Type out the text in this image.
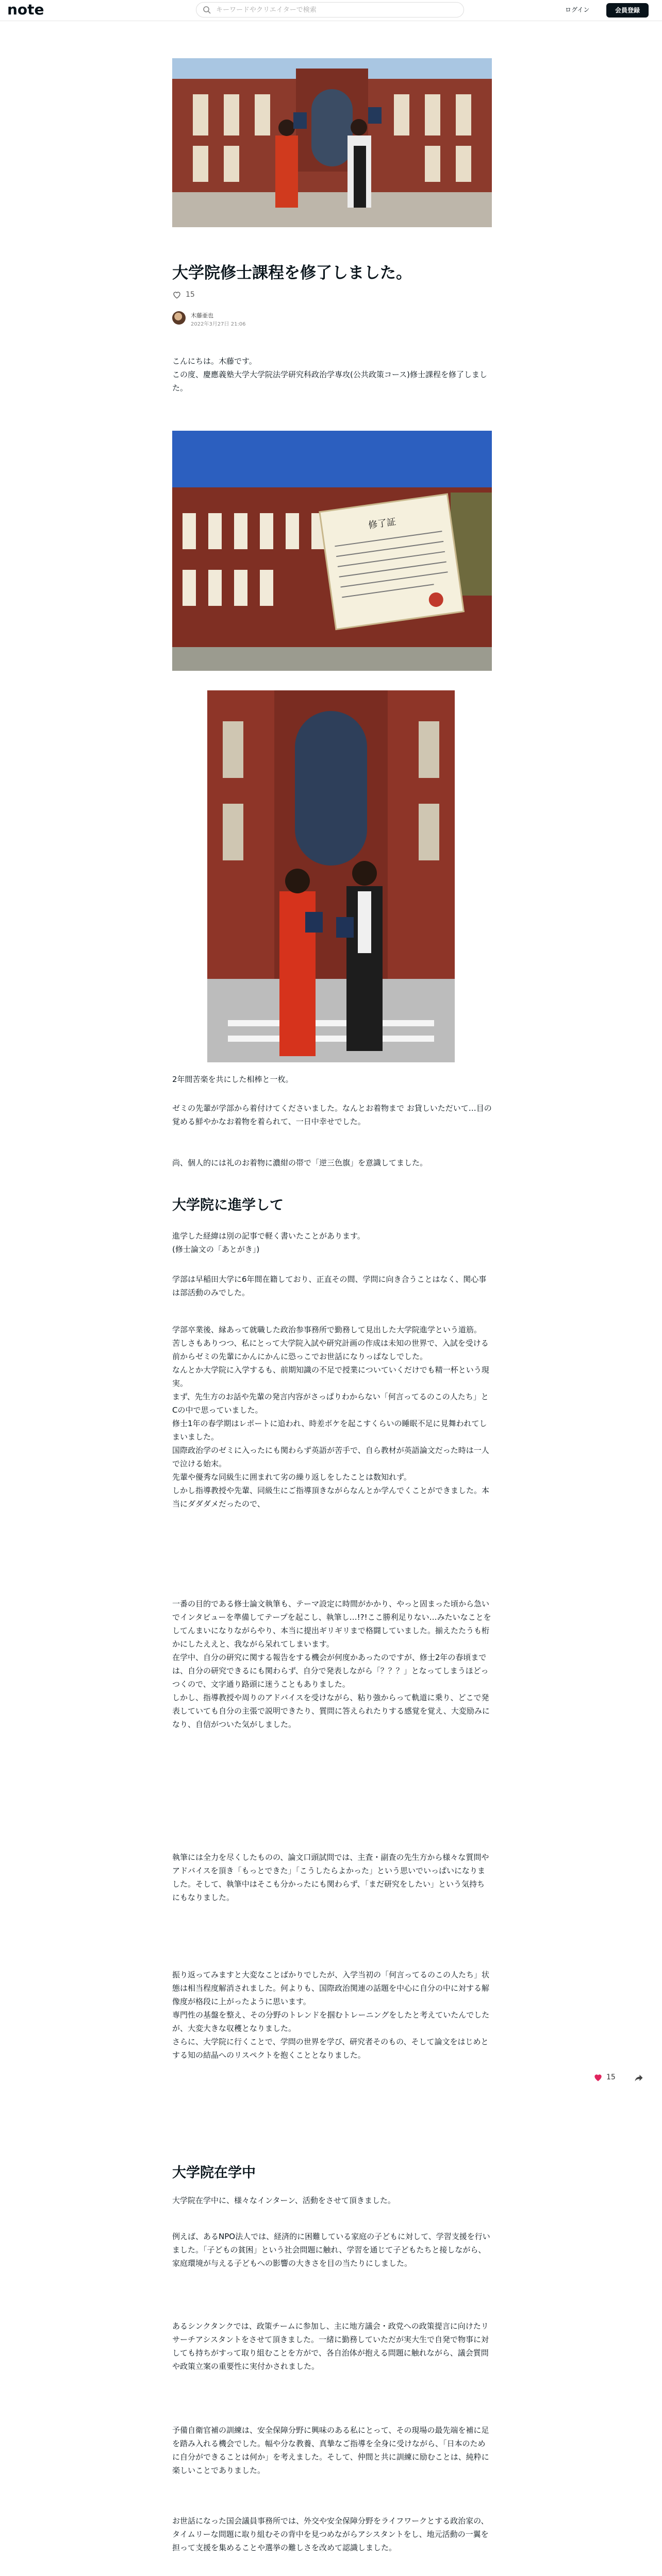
note
キーワードやクリエイターで検索	ログイン	会員登録
大学院修士課程を修了しました。
15
木藤亜也
2022年3月27日 21:06
こんにちは。木藤です。
この度、慶應義塾大学大学院法学研究科政治学専攻(公共政策コース)修士課程を修了しました。
修了証
2年間苦楽を共にした相棒と一枚。
ゼミの先輩が学部から着付けてくださいました。なんとお着物まで お貸しいただいて…目の覚める鮮やかなお着物を着られて、一日中幸せでした。
尚、個人的には礼のお着物に濃紺の帯で「逆三色旗」を意識してました。
大学院に進学して
進学した経緯は別の記事で軽く書いたことがあります。
(修士論文の「あとがき」)
学部は早稲田大学に6年間在籍しており、正直その間、学問に向き合うことはなく、関心事は部活動のみでした。
学部卒業後、縁あって就職した政治参事務所で勤務して見出した大学院進学という道筋。
苦しさもありつつ、私にとって大学院入試や研究計画の作成は未知の世界で、入試を受ける前からゼミの先輩にかんにかんに恐っこでお世話になりっぱなしでした。
なんとか大学院に入学するも、前期知識の不足で授業についていくだけでも精一杯という現実。
まず、先生方のお話や先輩の発言内容がさっぱりわからない「何言ってるのこの人たち」とCの中で思っていました。
修士1年の春学期はレポートに追われ、時差ボケを起こすくらいの睡眠不足に見舞われてしまいました。
国際政治学のゼミに入ったにも関わらず英語が苦手で、自ら教材が英語論文だった時は一人で泣ける始末。
先輩や優秀な同級生に囲まれて劣の繰り返しをしたことは数知れず。
しかし指導教授や先輩、同級生にご指導頂きながらなんとか学んでくことができました。本当にダダダメだったので、
一番の目的である修士論文執筆も、テーマ設定に時間がかかり、やっと固まった頃から急いでインタビューを準備してテープを起こし、執筆し…!?!ここ勝利足りない…みたいなことをしてんまいになりながらやり、本当に提出ギリギリまで格闘していました。揃えたたうも桁かにしたええと、我ながら呆れてしまいます。
在学中、自分の研究に関する報告をする機会が何度かあったのですが、修士2年の春頃までは、自分の研究できるにも関わらず、自分で発表しながら「？？？」となってしまうほどっつくので、文字通り路頭に迷うこともありました。
しかし、指導教授や周りのアドバイスを受けながら、粘り強からって軌道に乗り、どこで発表していても自分の主張で説明できたり、質問に答えられたりする感覚を覚え、大変励みになり、自信がついた気がしました。
執筆には全力を尽くしたものの、論文口頭試問では、主査・副査の先生方から様々な質問やアドバイスを頂き「もっとできた」「こうしたらよかった」という思いでいっぱいになりました。そして、執筆中はそこも分かったにも関わらず、「まだ研究をしたい」という気持ちにもなりました。
振り返ってみますと大変なことばかりでしたが、入学当初の「何言ってるのこの人たち」状態は相当程度解消されました。何よりも、国際政治関連の話題を中心に自分の中に対する解像度が格段に上がったように思います。
専門性の基盤を整え、その分野のトレンドを掴むトレーニングをしたと考えていたんでしたが、大変大きな収穫となりました。
さらに、大学院に行くことで、学問の世界を学び、研究者そのもの、そして論文をはじめとする知の結晶へのリスペクトを抱くこととなりました。
大学院在学中
大学院在学中に、様々なインターン、活動をさせて頂きました。
例えば、あるNPO法人では、経済的に困難している家庭の子どもに対して、学習支援を行いました。「子どもの貧困」という社会問題に触れ、学習を通じて子どもたちと接しながら、家庭環境が与える子どもへの影響の大きさを目の当たりにしました。
あるシンクタンクでは、政策チームに参加し、主に地方議会・政党への政策提言に向けたリサーチアシスタントをさせて頂きました。一緒に勤務していただが実大生で自発で物事に対しても持ちがすって取り組むことを方がで、各自治体が抱える問題に触れながら、議会質問や政策立案の重要性に実付かされました。
予備自衛官補の訓練は、安全保障分野に興味のある私にとって、その現場の最先端を補に足を踏み入れる機会でした。幅や分な教養、真摯なご指導を全身に受けながら、「日本のために自分ができることは何か」を考えました。そして、仲間と共に訓練に励むことは、純粋に楽しいことでありました。
お世話になった国会議員事務所では、外交や安全保障分野をライフワークとする政治家の、タイムリーな問題に取り組むその背中を見つめながらアシスタントをし、地元活動の一翼を担って支援を集めることや選挙の難しさを改めて認識しました。
15
